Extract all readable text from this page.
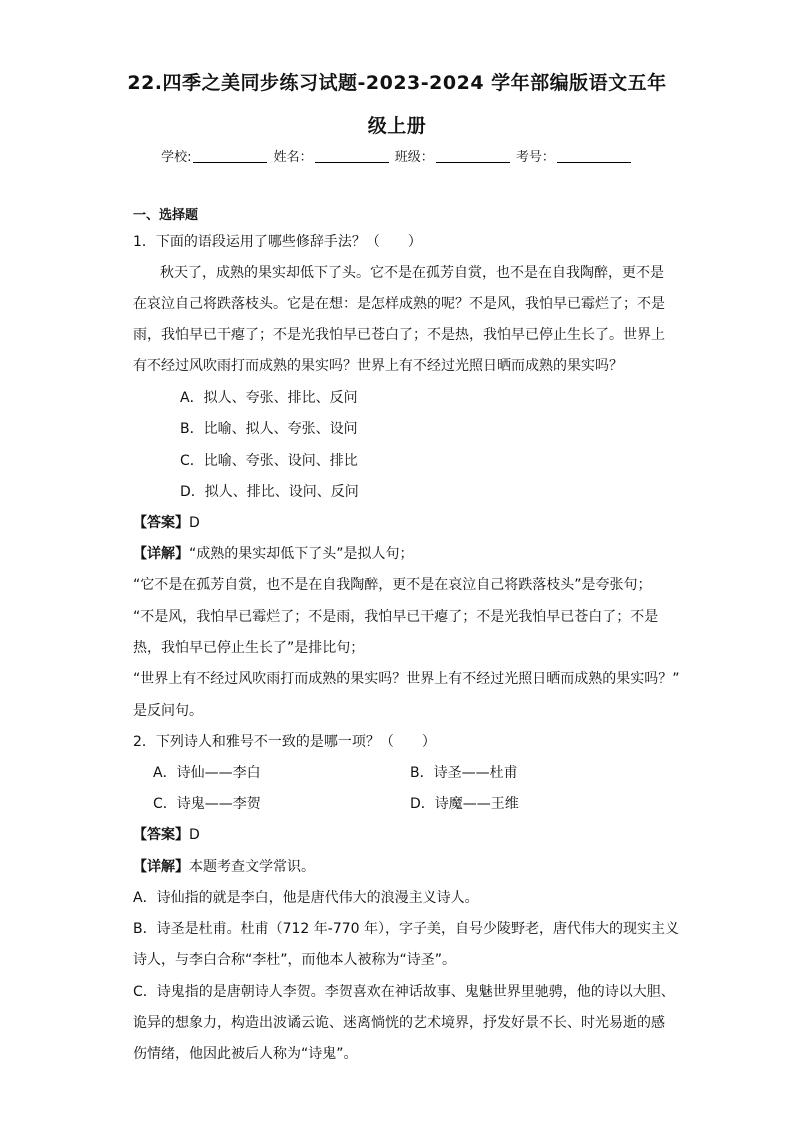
22.四季之美同步练习试题-2023-2024 学年部编版语文五年
级上册
学校:	姓名：	班级：	考号：
一、选择题
1．下面的语段运用了哪些修辞手法？（　　）
秋天了，成熟的果实却低下了头。它不是在孤芳自赏，也不是在自我陶醉，更不是
在哀泣自己将跌落枝头。它是在想：是怎样成熟的呢？不是风，我怕早已霉烂了；不是
雨，我怕早已干瘪了；不是光我怕早已苍白了；不是热，我怕早已停止生长了。世界上
有不经过风吹雨打而成熟的果实吗？世界上有不经过光照日晒而成熟的果实吗？
A．拟人、夸张、排比、反问
B．比喻、拟人、夸张、设问
C．比喻、夸张、设问、排比
D．拟人、排比、设问、反问
【答案】D
【详解】“成熟的果实却低下了头”是拟人句；
“它不是在孤芳自赏，也不是在自我陶醉，更不是在哀泣自己将跌落枝头”是夸张句；
“不是风，我怕早已霉烂了；不是雨，我怕早已干瘪了；不是光我怕早已苍白了；不是
热，我怕早已停止生长了”是排比句；
“世界上有不经过风吹雨打而成熟的果实吗？世界上有不经过光照日晒而成熟的果实吗？”
是反问句。
2．下列诗人和雅号不一致的是哪一项？（　　）
A．诗仙——李白	B．诗圣——杜甫
C．诗鬼——李贺	D．诗魔——王维
【答案】D
【详解】本题考查文学常识。
A．诗仙指的就是李白，他是唐代伟大的浪漫主义诗人。
B．诗圣是杜甫。杜甫（712 年-770 年），字子美，自号少陵野老，唐代伟大的现实主义
诗人，与李白合称“李杜”，而他本人被称为“诗圣”。
C．诗鬼指的是唐朝诗人李贺。李贺喜欢在神话故事、鬼魅世界里驰骋，他的诗以大胆、
诡异的想象力，构造出波谲云诡、迷离惝恍的艺术境界，抒发好景不长、时光易逝的感
伤情绪，他因此被后人称为“诗鬼”。
